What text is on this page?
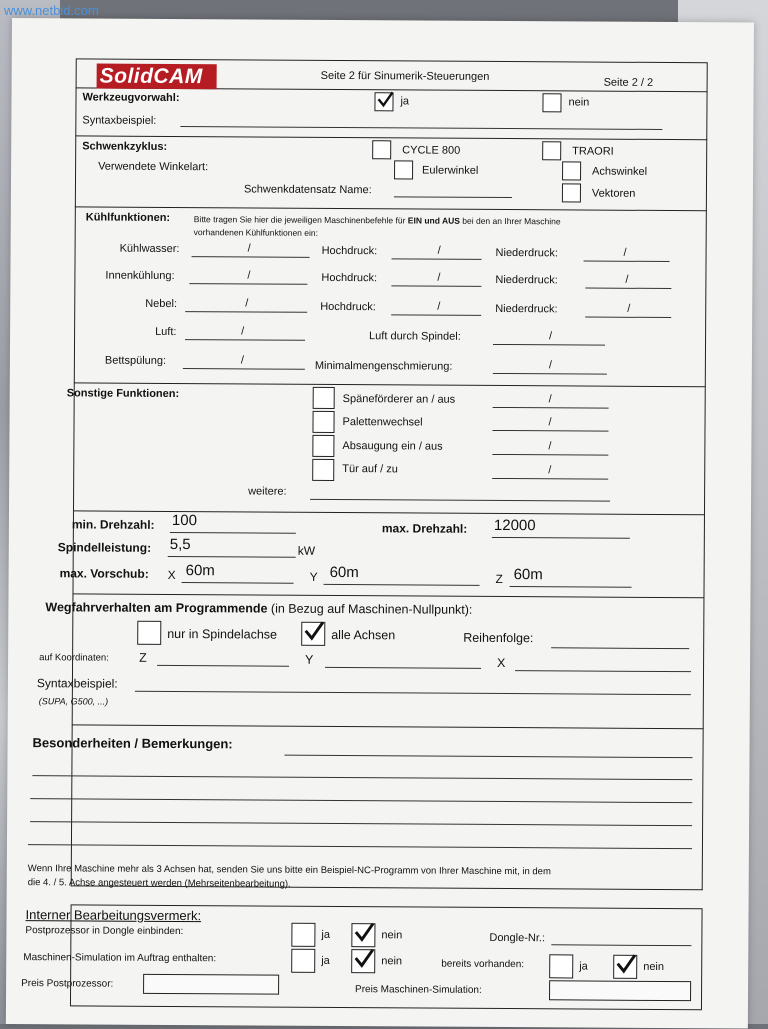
SolidCAM	Seite 2 für Sinumerik-Steuerungen	Seite 2 / 2
Werkzeugvorwahl:	ja	nein
Syntaxbeispiel:
Schwenkzyklus:	CYCLE 800	TRAORI
Verwendete Winkelart:	Eulerwinkel	Achswinkel
Schwenkdatensatz Name:	Vektoren
Kühlfunktionen:	Bitte tragen Sie hier die jeweiligen Maschinenbefehle für EIN und AUS bei den an Ihrer Maschine
vorhandenen Kühlfunktionen ein:
Kühlwasser:	/	Hochdruck:	/	Niederdruck:	/
Innenkühlung:	/	Hochdruck:	/	Niederdruck:	/
Nebel:	/	Hochdruck:	/	Niederdruck:	/
Luft:	/	Luft durch Spindel:	/
Bettspülung:	/	Minimalmengenschmierung:	/
Sonstige Funktionen:	Späneförderer an / aus	/
Palettenwechsel	/
Absaugung ein / aus	/
Tür auf / zu	/
weitere:
min. Drehzahl: 100	max. Drehzahl: 12000
Spindelleistung: 5,5	kW
max. Vorschub: X 60m	Y 60m	Z 60m
Wegfahrverhalten am Programmende (in Bezug auf Maschinen-Nullpunkt):
nur in Spindelachse	alle Achsen	Reihenfolge:
auf Koordinaten: Z	Y	X
Syntaxbeispiel:
(SUPA, G500, ...)
Besonderheiten / Bemerkungen:
Wenn Ihre Maschine mehr als 3 Achsen hat, senden Sie uns bitte ein Beispiel-NC-Programm von Ihrer Maschine mit, in dem
die 4. / 5. Achse angesteuert werden (Mehrseitenbearbeitung).
Interner Bearbeitungsvermerk:
Postprozessor in Dongle einbinden:	ja	nein	Dongle-Nr.:
Maschinen-Simulation im Auftrag enthalten:	ja	nein	bereits vorhanden:	ja	nein
Preis Postprozessor:
Preis Maschinen-Simulation:
www.netbid.com
